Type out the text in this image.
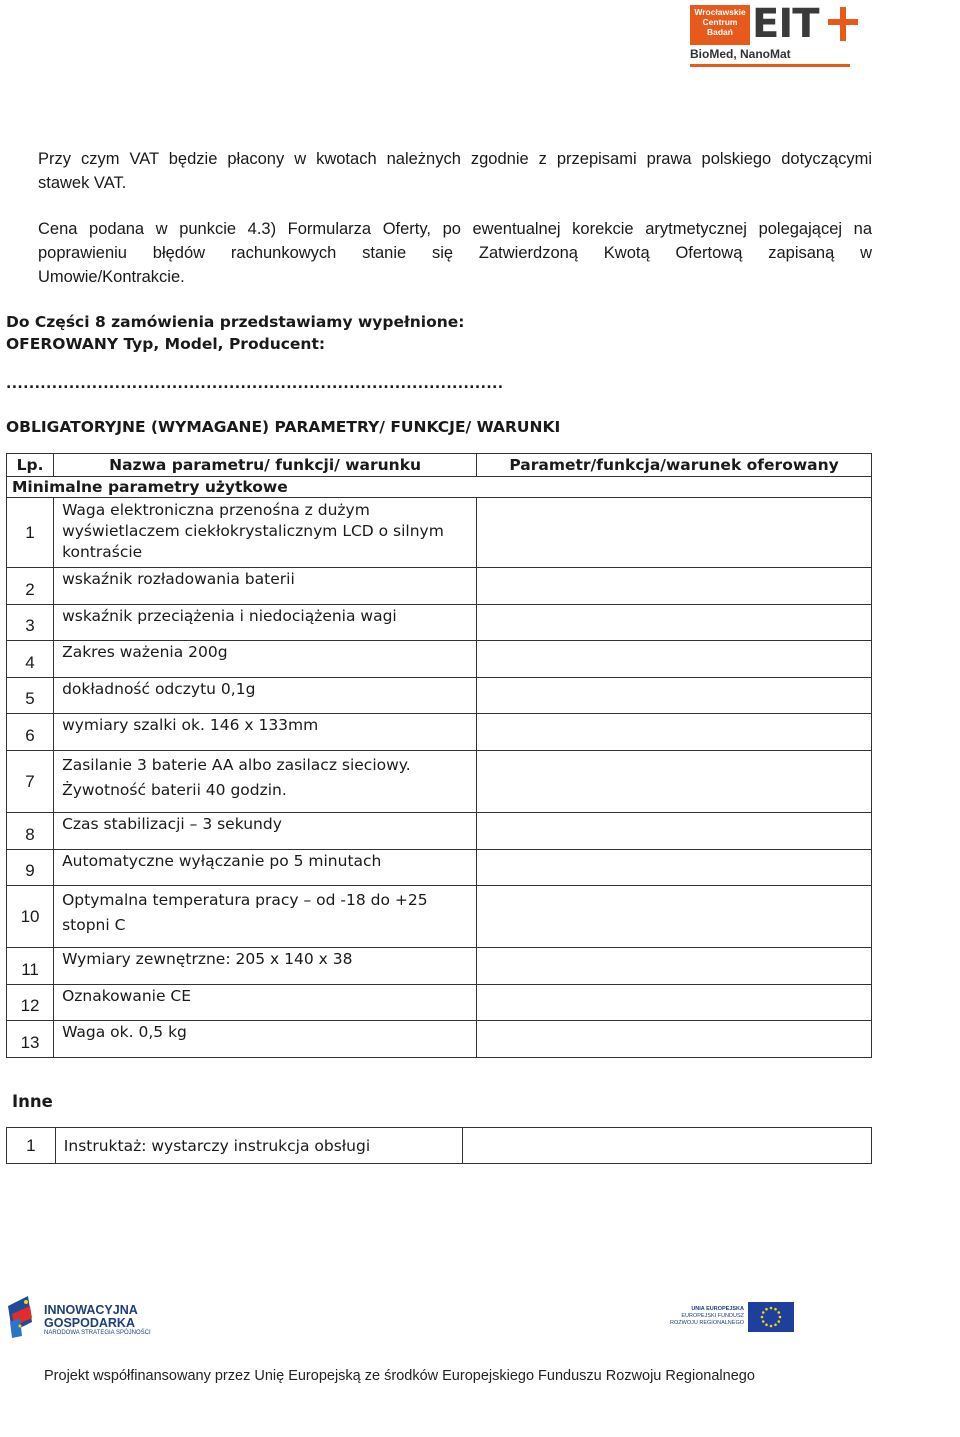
Wrocławskie Centrum Badań EIT
BioMed, NanoMat
Przy czym VAT będzie płacony w kwotach należnych zgodnie z przepisami prawa polskiego dotyczącymi
stawek VAT.
Cena podana w punkcie 4.3) Formularza Oferty, po ewentualnej korekcie arytmetycznej polegającej na
poprawieniu błędów rachunkowych stanie się Zatwierdzoną Kwotą Ofertową zapisaną w
Umowie/Kontrakcie.
Do Części 8 zamówienia przedstawiamy wypełnione:
OFEROWANY Typ, Model, Producent:
.......................................................................................
OBLIGATORYJNE (WYMAGANE) PARAMETRY/ FUNKCJE/ WARUNKI
Lp.	Nazwa parametru/ funkcji/ warunku	Parametr/funkcja/warunek oferowany
Minimalne parametry użytkowe		
1	Waga elektroniczna przenośna z dużym wyświetlaczem ciekłokrystalicznym LCD o silnym kontraście	
2	wskaźnik rozładowania baterii	
3	wskaźnik przeciążenia i niedociążenia wagi	
4	Zakres ważenia 200g	
5	dokładność odczytu 0,1g	
6	wymiary szalki ok. 146 x 133mm	
7	Zasilanie 3 baterie AA albo zasilacz sieciowy. Żywotność baterii 40 godzin.	
8	Czas stabilizacji – 3 sekundy	
9	Automatyczne wyłączanie po 5 minutach	
10	Optymalna temperatura pracy – od -18 do +25 stopni C	
11	Wymiary zewnętrzne: 205 x 140 x 38	
12	Oznakowanie CE	
13	Waga ok. 0,5 kg	
Inne
1	Instruktaż: wystarczy instrukcja obsługi	
INNOWACYJNA
GOSPODARKA
NARODOWA STRATEGIA SPÓJNOŚCI
UNIA EUROPEJSKA
EUROPEJSKI FUNDUSZ
ROZWOJU REGIONALNEGO
Projekt współfinansowany przez Unię Europejską ze środków Europejskiego Funduszu Rozwoju Regionalnego
